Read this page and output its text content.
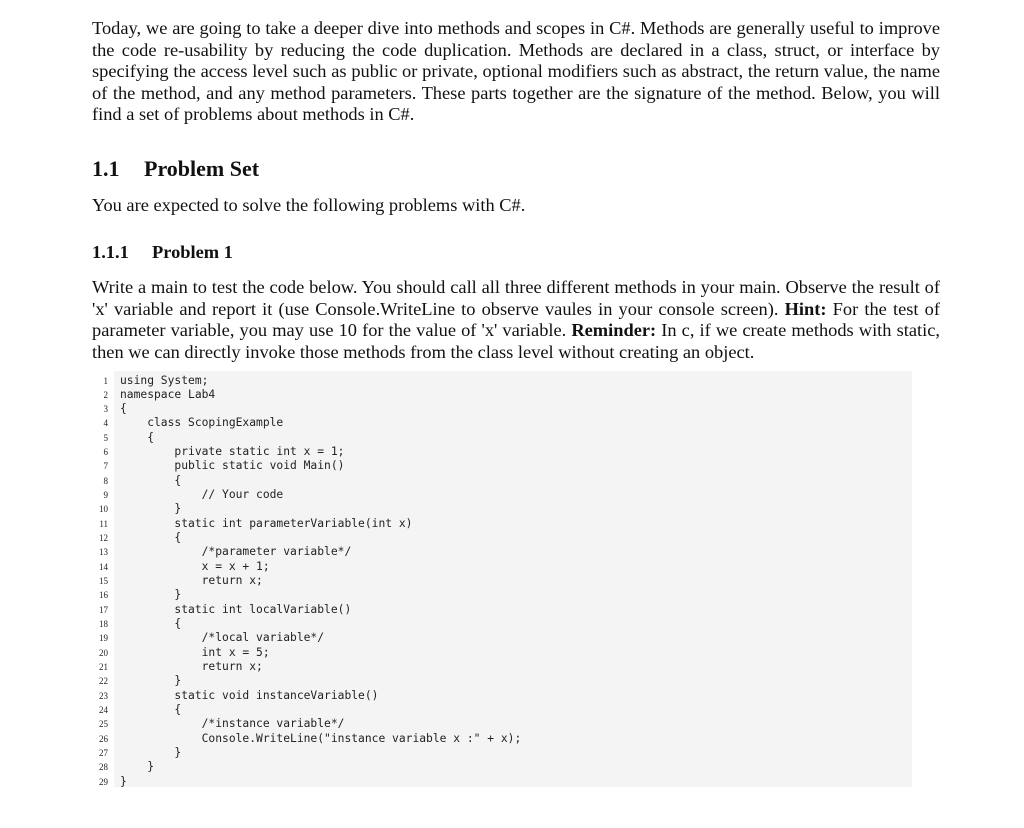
Today, we are going to take a deeper dive into methods and scopes in C#. Methods are generally useful to improve the code re-usability by reducing the code duplication. Methods are declared in a class, struct, or interface by specifying the access level such as public or private, optional modifiers such as abstract, the return value, the name of the method, and any method parameters. These parts together are the signature of the method. Below, you will find a set of problems about methods in C#.

1.1 Problem Set

You are expected to solve the following problems with C#.

1.1.1 Problem 1

Write a main to test the code below. You should call all three different methods in your main. Observe the result of 'x' variable and report it (use Console.WriteLine to observe vaules in your console screen). Hint: For the test of parameter variable, you may use 10 for the value of 'x' variable. Reminder: In c, if we create methods with static, then we can directly invoke those methods from the class level without creating an object.

1 using System;
2 namespace Lab4
3 {
4 class ScopingExample
5 {
6 private static int x = 1;
7 public static void Main()
8 {
9 // Your code
10 }
11 static int parameterVariable(int x)
12 {
13 /*parameter variable*/
14 x = x + 1;
15 return x;
16 }
17 static int localVariable()
18 {
19 /*local variable*/
20 int x = 5;
21 return x;
22 }
23 static void instanceVariable()
24 {
25 /*instance variable*/
26 Console.WriteLine("instance variable x :" + x);
27 }
28 }
29 }
